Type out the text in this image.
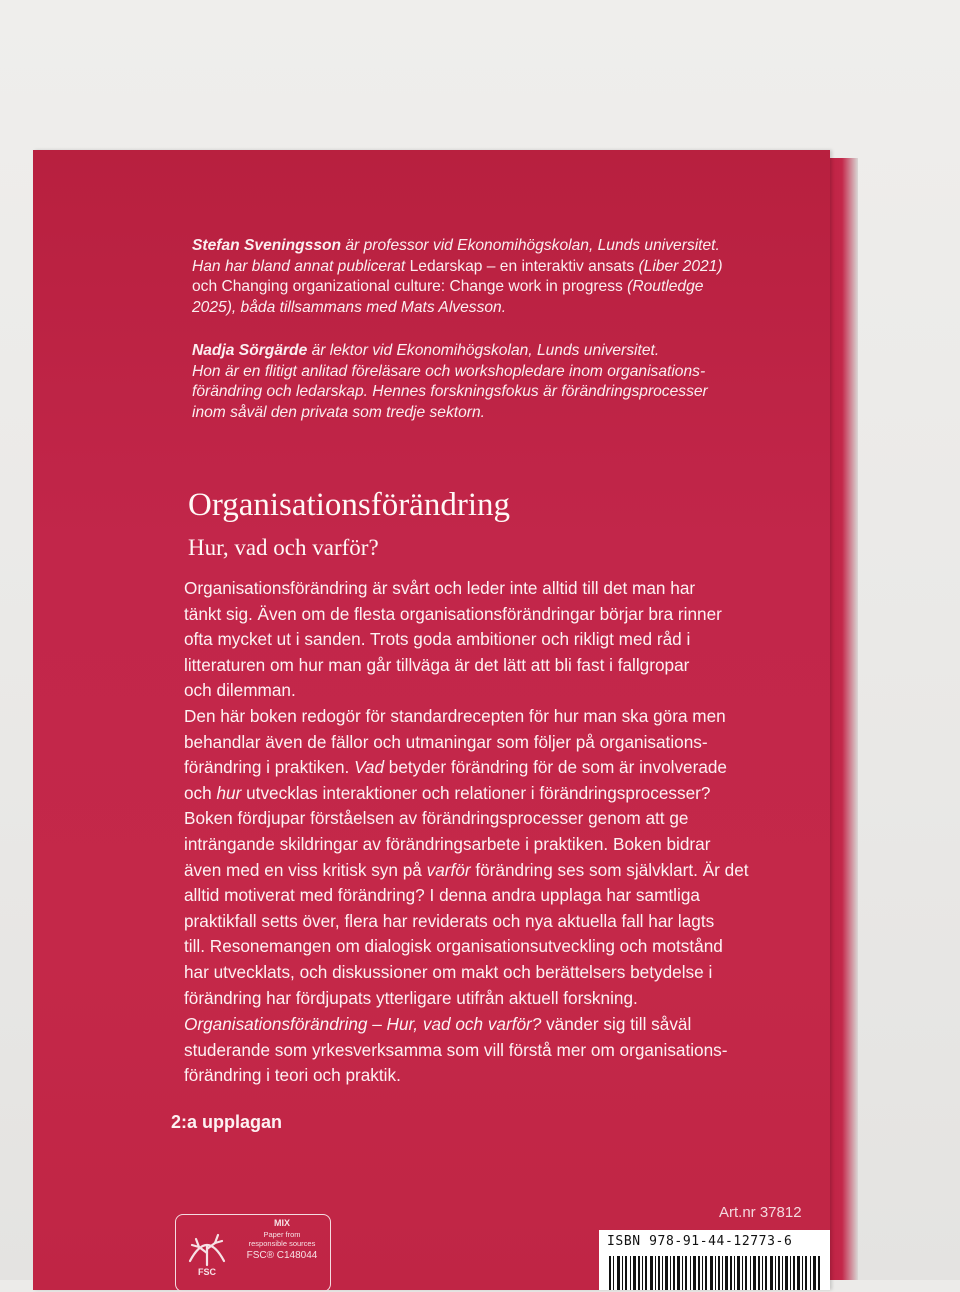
Stefan Sveningsson är professor vid Ekonomihögskolan, Lunds universitet.
Han har bland annat publicerat Ledarskap – en interaktiv ansats (Liber 2021)
och Changing organizational culture: Change work in progress (Routledge
2025), båda tillsammans med Mats Alvesson.
Nadja Sörgärde är lektor vid Ekonomihögskolan, Lunds universitet.
Hon är en flitigt anlitad föreläsare och workshopledare inom organisations-
förändring och ledarskap. Hennes forskningsfokus är förändringsprocesser
inom såväl den privata som tredje sektorn.
Organisationsförändring
Hur, vad och varför?
Organisationsförändring är svårt och leder inte alltid till det man har
tänkt sig. Även om de flesta organisationsförändringar börjar bra rinner
ofta mycket ut i sanden. Trots goda ambitioner och rikligt med råd i
litteraturen om hur man går tillväga är det lätt att bli fast i fallgropar
och dilemman.
Den här boken redogör för standardrecepten för hur man ska göra men
behandlar även de fällor och utmaningar som följer på organisations-
förändring i praktiken. Vad betyder förändring för de som är involverade
och hur utvecklas interaktioner och relationer i förändringsprocesser?
Boken fördjupar förståelsen av förändringsprocesser genom att ge
inträngande skildringar av förändringsarbete i praktiken. Boken bidrar
även med en viss kritisk syn på varför förändring ses som självklart. Är det
alltid motiverat med förändring? I denna andra upplaga har samtliga
praktikfall setts över, flera har reviderats och nya aktuella fall har lagts
till. Resonemangen om dialogisk organisationsutveckling och motstånd
har utvecklats, och diskussioner om makt och berättelsers betydelse i
förändring har fördjupats ytterligare utifrån aktuell forskning.
Organisationsförändring – Hur, vad och varför? vänder sig till såväl
studerande som yrkesverksamma som vill förstå mer om organisations-
förändring i teori och praktik.
2:a upplagan
Art.nr 37812
FSC
MIX
Paper from
responsible sources
FSC® C148044
ISBN 978-91-44-12773-6
